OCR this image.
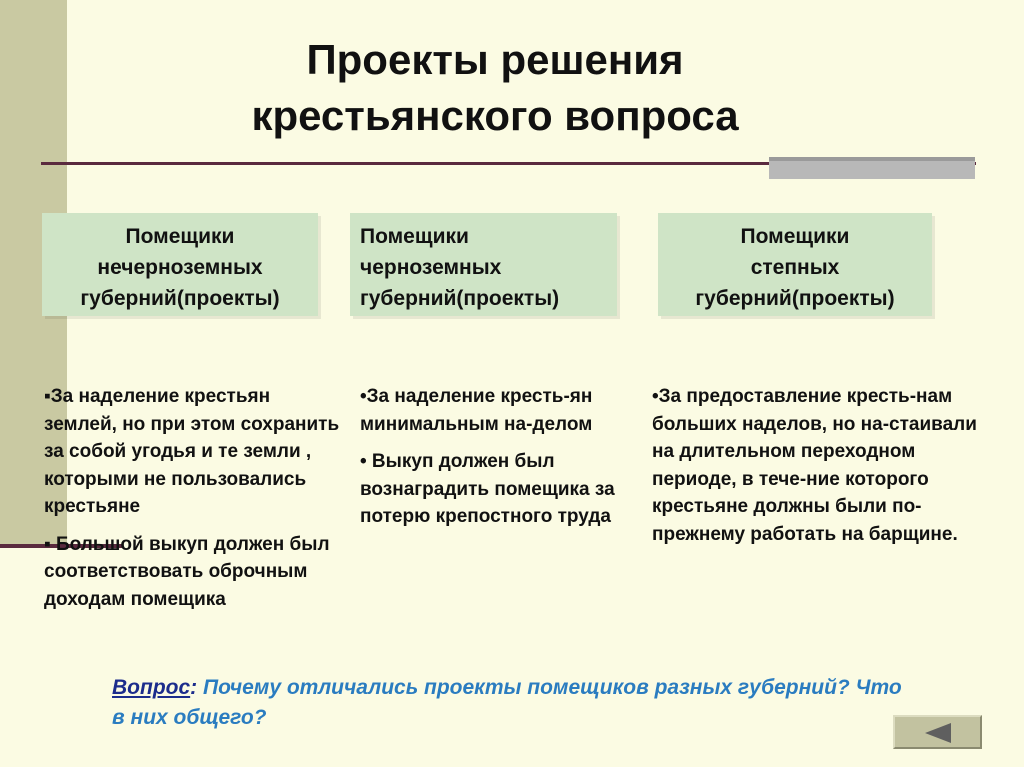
Проекты решения
крестьянского вопроса
Помещики
нечерноземных
губерний(проекты)
Помещики
черноземных
губерний(проекты)
Помещики
степных
губерний(проекты)

▪За наделение крестьян землей, но при этом сохранить за собой угодья и те земли , которыми не пользовались крестьяне

▪ Большой выкуп должен был соответствовать оброчным доходам помещика

•За наделение кресть-ян минимальным на-делом

• Выкуп должен был вознаградить помещика за потерю крепостного труда

•За предоставление кресть-нам больших наделов, но на-стаивали на длительном переходном периоде, в тече-ние которого крестьяне должны были по-прежнему работать на барщине.

Вопрос: Почему отличались проекты помещиков разных губерний? Что в них общего?
